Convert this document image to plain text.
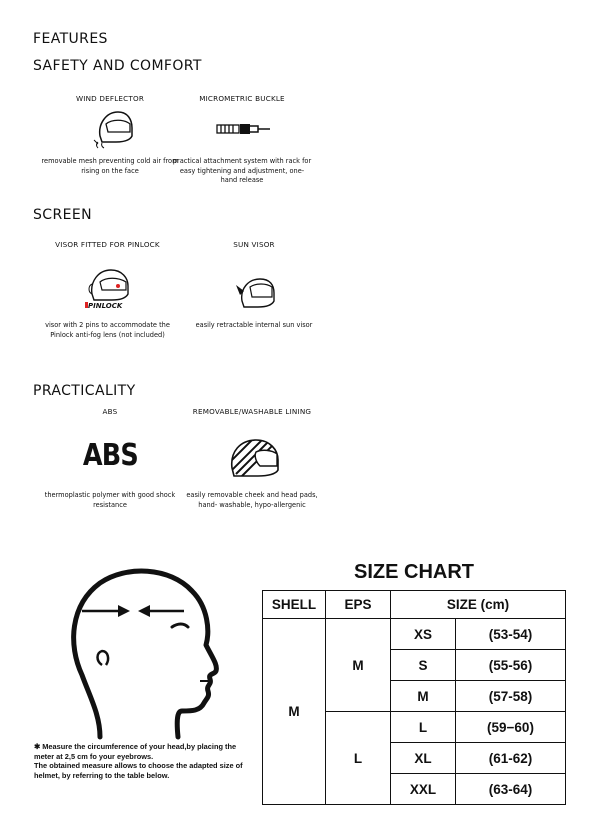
FEATURES
SAFETY AND COMFORT
SCREEN
PRACTICALITY
WIND DEFLECTOR
removable mesh preventing cold air from rising on the face
MICROMETRIC BUCKLE
practical attachment system with rack for easy tightening and adjustment, one-hand release
VISOR FITTED FOR PINLOCK
PINLOCK
visor with 2 pins to accommodate the Pinlock anti-fog lens (not included)
SUN VISOR
easily retractable internal sun visor
ABS
ABS
thermoplastic polymer with good shock resistance
REMOVABLE/WASHABLE LINING
easily removable cheek and head pads, hand- washable, hypo-allergenic
✱ Measure the circumference of your head,by placing the meter at 2,5 cm fo your eyebrows.
The obtained measure allows to choose the adapted size of helmet, by referring to the table below.
SIZE CHART
SHELL	EPS	SIZE (cm)	
M	M	XS	(53-54)
		S	(55-56)
		M	(57-58)
	L	L	(59−60)
		XL	(61-62)
		XXL	(63-64)
